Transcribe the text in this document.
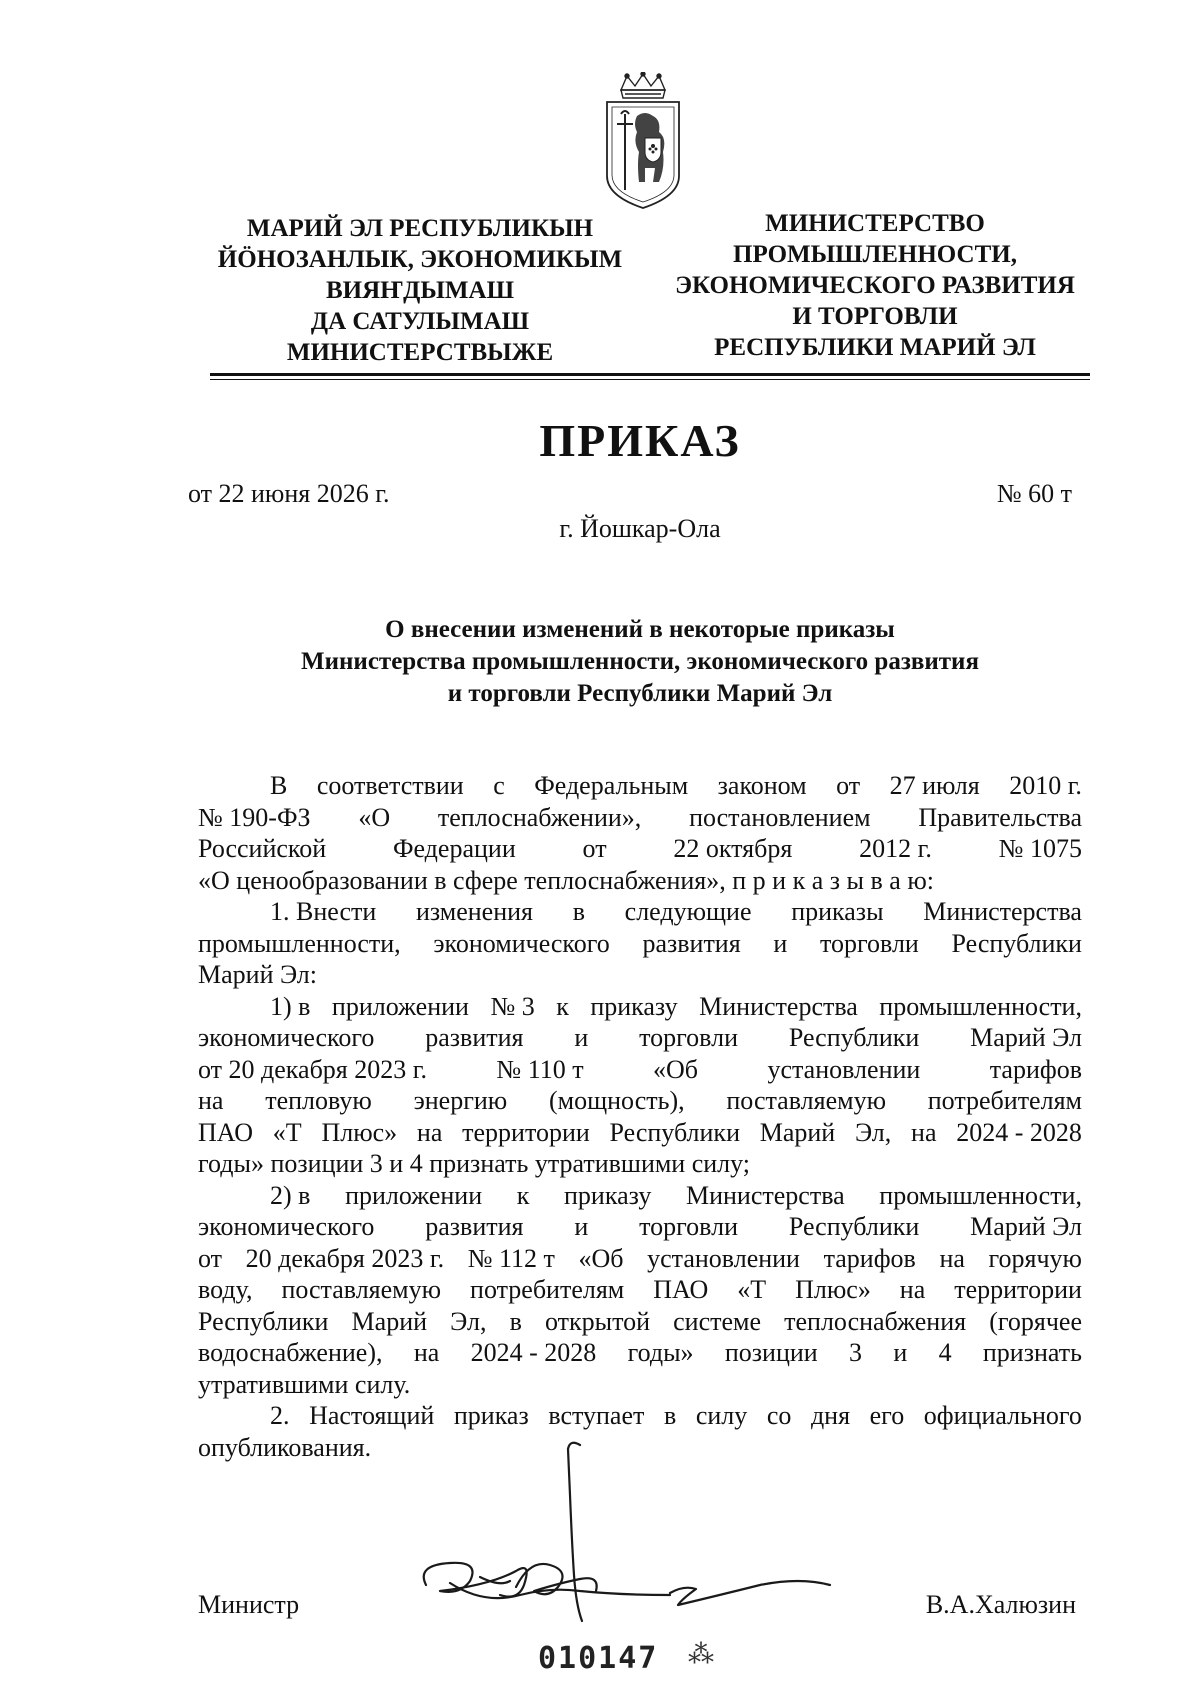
МАРИЙ ЭЛ РЕСПУБЛИКЫН
ЙÖНОЗАНЛЫК, ЭКОНОМИКЫМ
ВИЯҤДЫМАШ
ДА САТУЛЫМАШ
МИНИСТЕРСТВЫЖЕ
МИНИСТЕРСТВО
ПРОМЫШЛЕННОСТИ,
ЭКОНОМИЧЕСКОГО РАЗВИТИЯ
И ТОРГОВЛИ
РЕСПУБЛИКИ МАРИЙ ЭЛ
ПРИКАЗ
от 22 июня 2026 г.	№ 60 т
г. Йошкар-Ола
О внесении изменений в некоторые приказы
Министерства промышленности, экономического развития
и торговли Республики Марий Эл
В соответствии с Федеральным законом от 27 июля 2010 г.
№ 190-ФЗ «О теплоснабжении», постановлением Правительства
Российской	Федерации	от	22 октября	2012 г.	№ 1075
«О ценообразовании в сфере теплоснабжения», п р и к а з ы в а ю:
1. Внести изменения в следующие приказы Министерства
промышленности, экономического развития и торговли Республики
Марий Эл:
1) в приложении № 3 к приказу Министерства промышленности,
экономического развития и торговли Республики Марий Эл
от 20 декабря 2023 г.	№ 110 т	«Об	установлении	тарифов
на тепловую энергию (мощность), поставляемую потребителям
ПАО «Т Плюс» на территории Республики Марий Эл, на 2024 - 2028
годы» позиции 3 и 4 признать утратившими силу;
2) в приложении к приказу Министерства промышленности,
экономического развития и торговли Республики Марий Эл
от 20 декабря 2023 г. № 112 т «Об установлении тарифов на горячую
воду, поставляемую потребителям ПАО «Т Плюс» на территории
Республики Марий Эл, в открытой системе теплоснабжения (горячее
водоснабжение), на 2024 - 2028 годы» позиции 3 и 4 признать
утратившими силу.
2. Настоящий приказ вступает в силу со дня его официального
опубликования.
Министр	В.А.Халюзин
010147 ⁂
